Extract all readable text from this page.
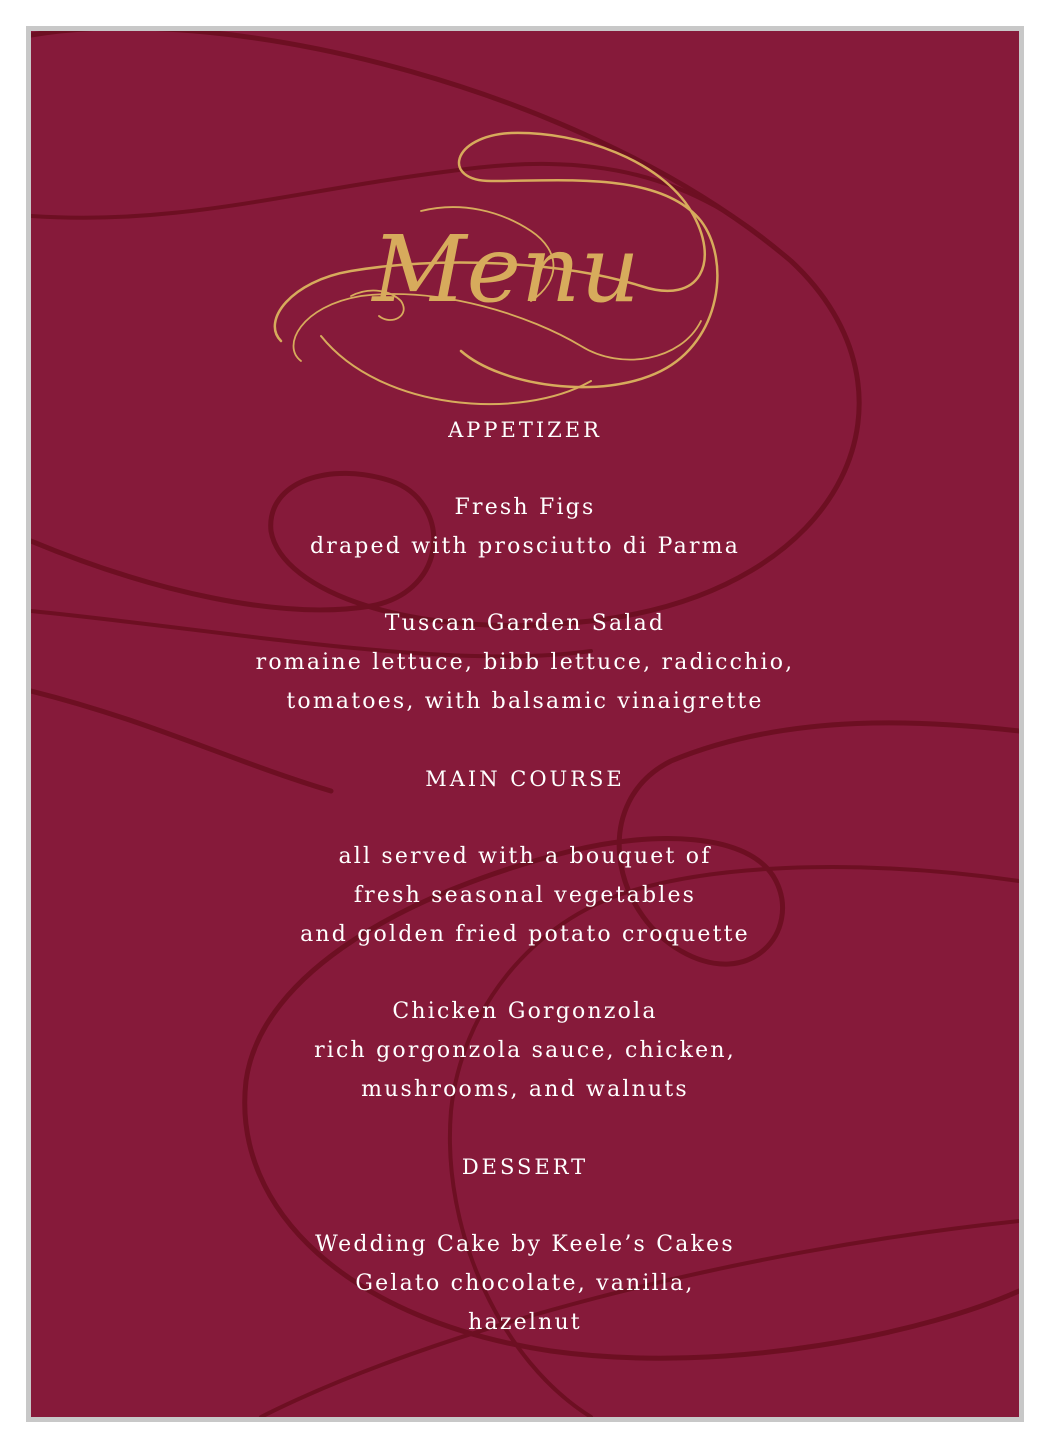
Menu
APPETIZER
Fresh Figs
draped with prosciutto di Parma
Tuscan Garden Salad
romaine lettuce, bibb lettuce, radicchio,
tomatoes, with balsamic vinaigrette
MAIN COURSE
all served with a bouquet of
fresh seasonal vegetables
and golden fried potato croquette
Chicken Gorgonzola
rich gorgonzola sauce, chicken,
mushrooms, and walnuts
DESSERT
Wedding Cake by Keele’s Cakes
Gelato chocolate, vanilla,
hazelnut
